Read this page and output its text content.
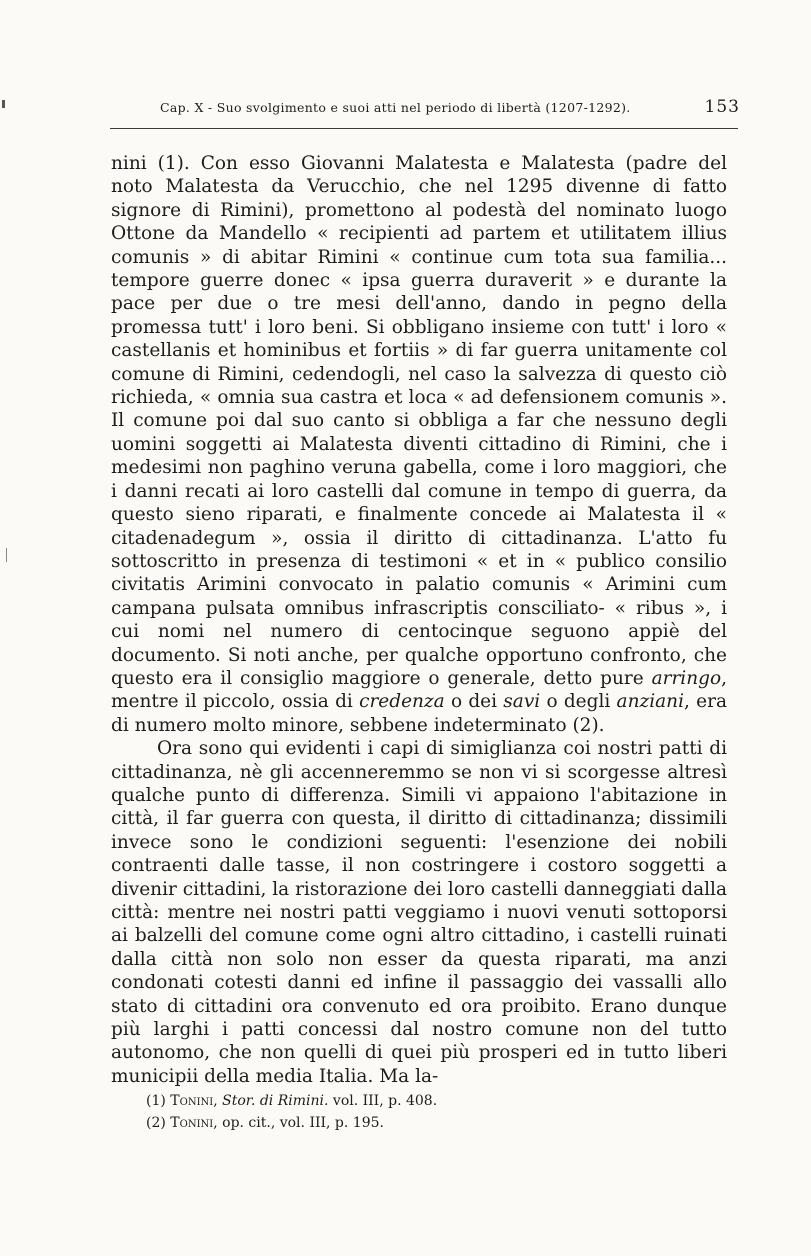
Cap. X - Suo svolgimento e suoi atti nel periodo di libertà (1207-1292).	153

nini (1). Con esso Giovanni Malatesta e Malatesta (padre del noto Malatesta da Verucchio, che nel 1295 divenne di fatto signore di Rimini), promettono al podestà del nominato luogo Ottone da Mandello « recipienti ad partem et utilitatem illius comunis » di abitar Rimini « continue cum tota sua familia... tempore guerre donec « ipsa guerra duraverit » e durante la pace per due o tre mesi dell'anno, dando in pegno della promessa tutt' i loro beni. Si obbligano insieme con tutt' i loro « castellanis et hominibus et fortiis » di far guerra unitamente col comune di Rimini, cedendogli, nel caso la salvezza di questo ciò richieda, « omnia sua castra et loca « ad defensionem comunis ». Il comune poi dal suo canto si obbliga a far che nessuno degli uomini soggetti ai Malatesta diventi cittadino di Rimini, che i medesimi non paghino veruna gabella, come i loro maggiori, che i danni recati ai loro castelli dal comune in tempo di guerra, da questo sieno riparati, e finalmente concede ai Malatesta il « citadenadegum », ossia il diritto di cittadinanza. L'atto fu sottoscritto in presenza di testimoni « et in « publico consilio civitatis Arimini convocato in palatio comunis « Arimini cum campana pulsata omnibus infrascriptis consciliato- « ribus », i cui nomi nel numero di centocinque seguono appiè del documento. Si noti anche, per qualche opportuno confronto, che questo era il consiglio maggiore o generale, detto pure arringo, mentre il piccolo, ossia di credenza o dei savi o degli anziani, era di numero molto minore, sebbene indeterminato (2).

Ora sono qui evidenti i capi di simiglianza coi nostri patti di cittadinanza, nè gli accenneremmo se non vi si scorgesse altresì qualche punto di differenza. Simili vi appaiono l'abitazione in città, il far guerra con questa, il diritto di cittadinanza; dissimili invece sono le condizioni seguenti: l'esenzione dei nobili contraenti dalle tasse, il non costringere i costoro soggetti a divenir cittadini, la ristorazione dei loro castelli danneggiati dalla città: mentre nei nostri patti veggiamo i nuovi venuti sottoporsi ai balzelli del comune come ogni altro cittadino, i castelli ruinati dalla città non solo non esser da questa riparati, ma anzi condonati cotesti danni ed infine il passaggio dei vassalli allo stato di cittadini ora convenuto ed ora proibito. Erano dunque più larghi i patti concessi dal nostro comune non del tutto autonomo, che non quelli di quei più prosperi ed in tutto liberi municipii della media Italia. Ma la-

(1) Tonini, Stor. di Rimini. vol. III, p. 408.
(2) Tonini, op. cit., vol. III, p. 195.
